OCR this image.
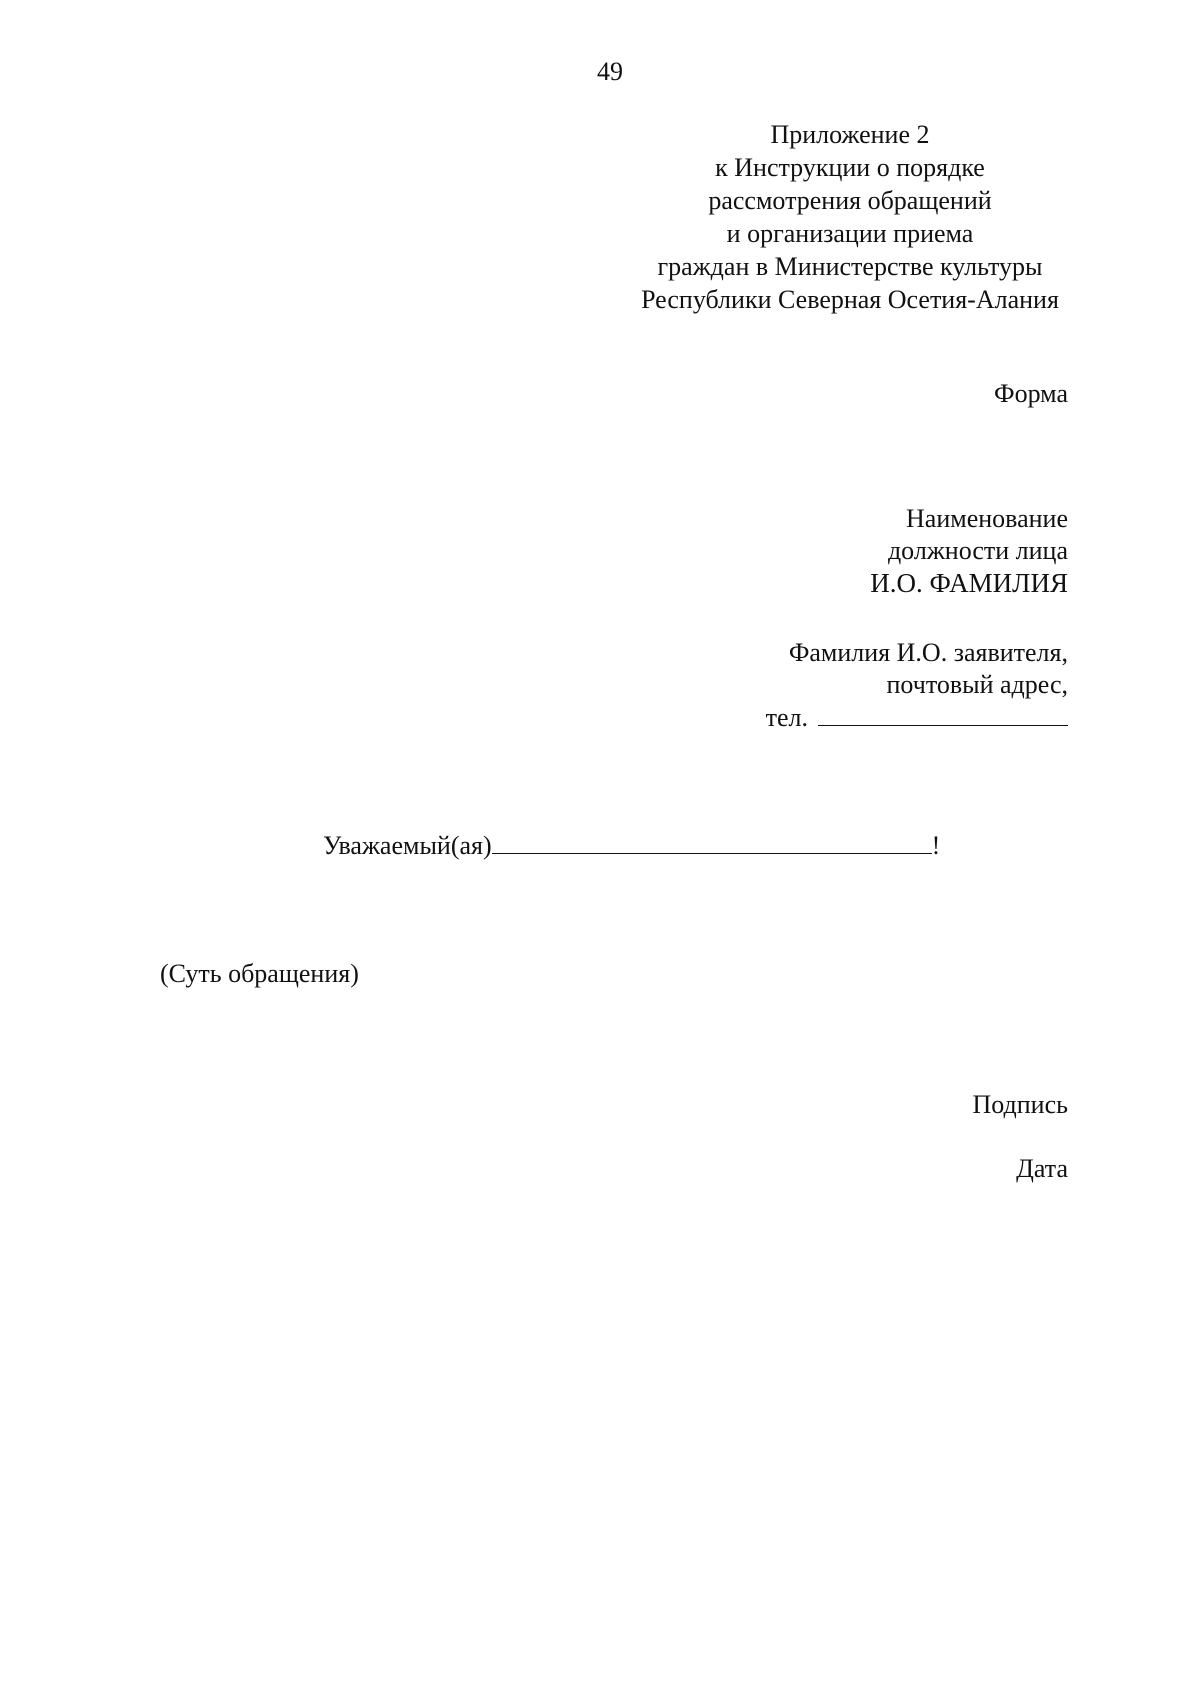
49
Приложение 2
к Инструкции о порядке
рассмотрения обращений
и организации приема
граждан в Министерстве культуры
Республики Северная Осетия-Алания
Форма
Наименование
должности лица
И.О. ФАМИЛИЯ
Фамилия И.О. заявителя,
почтовый адрес,
тел.
Уважаемый(ая)	!
(Суть обращения)
Подпись
Дата
